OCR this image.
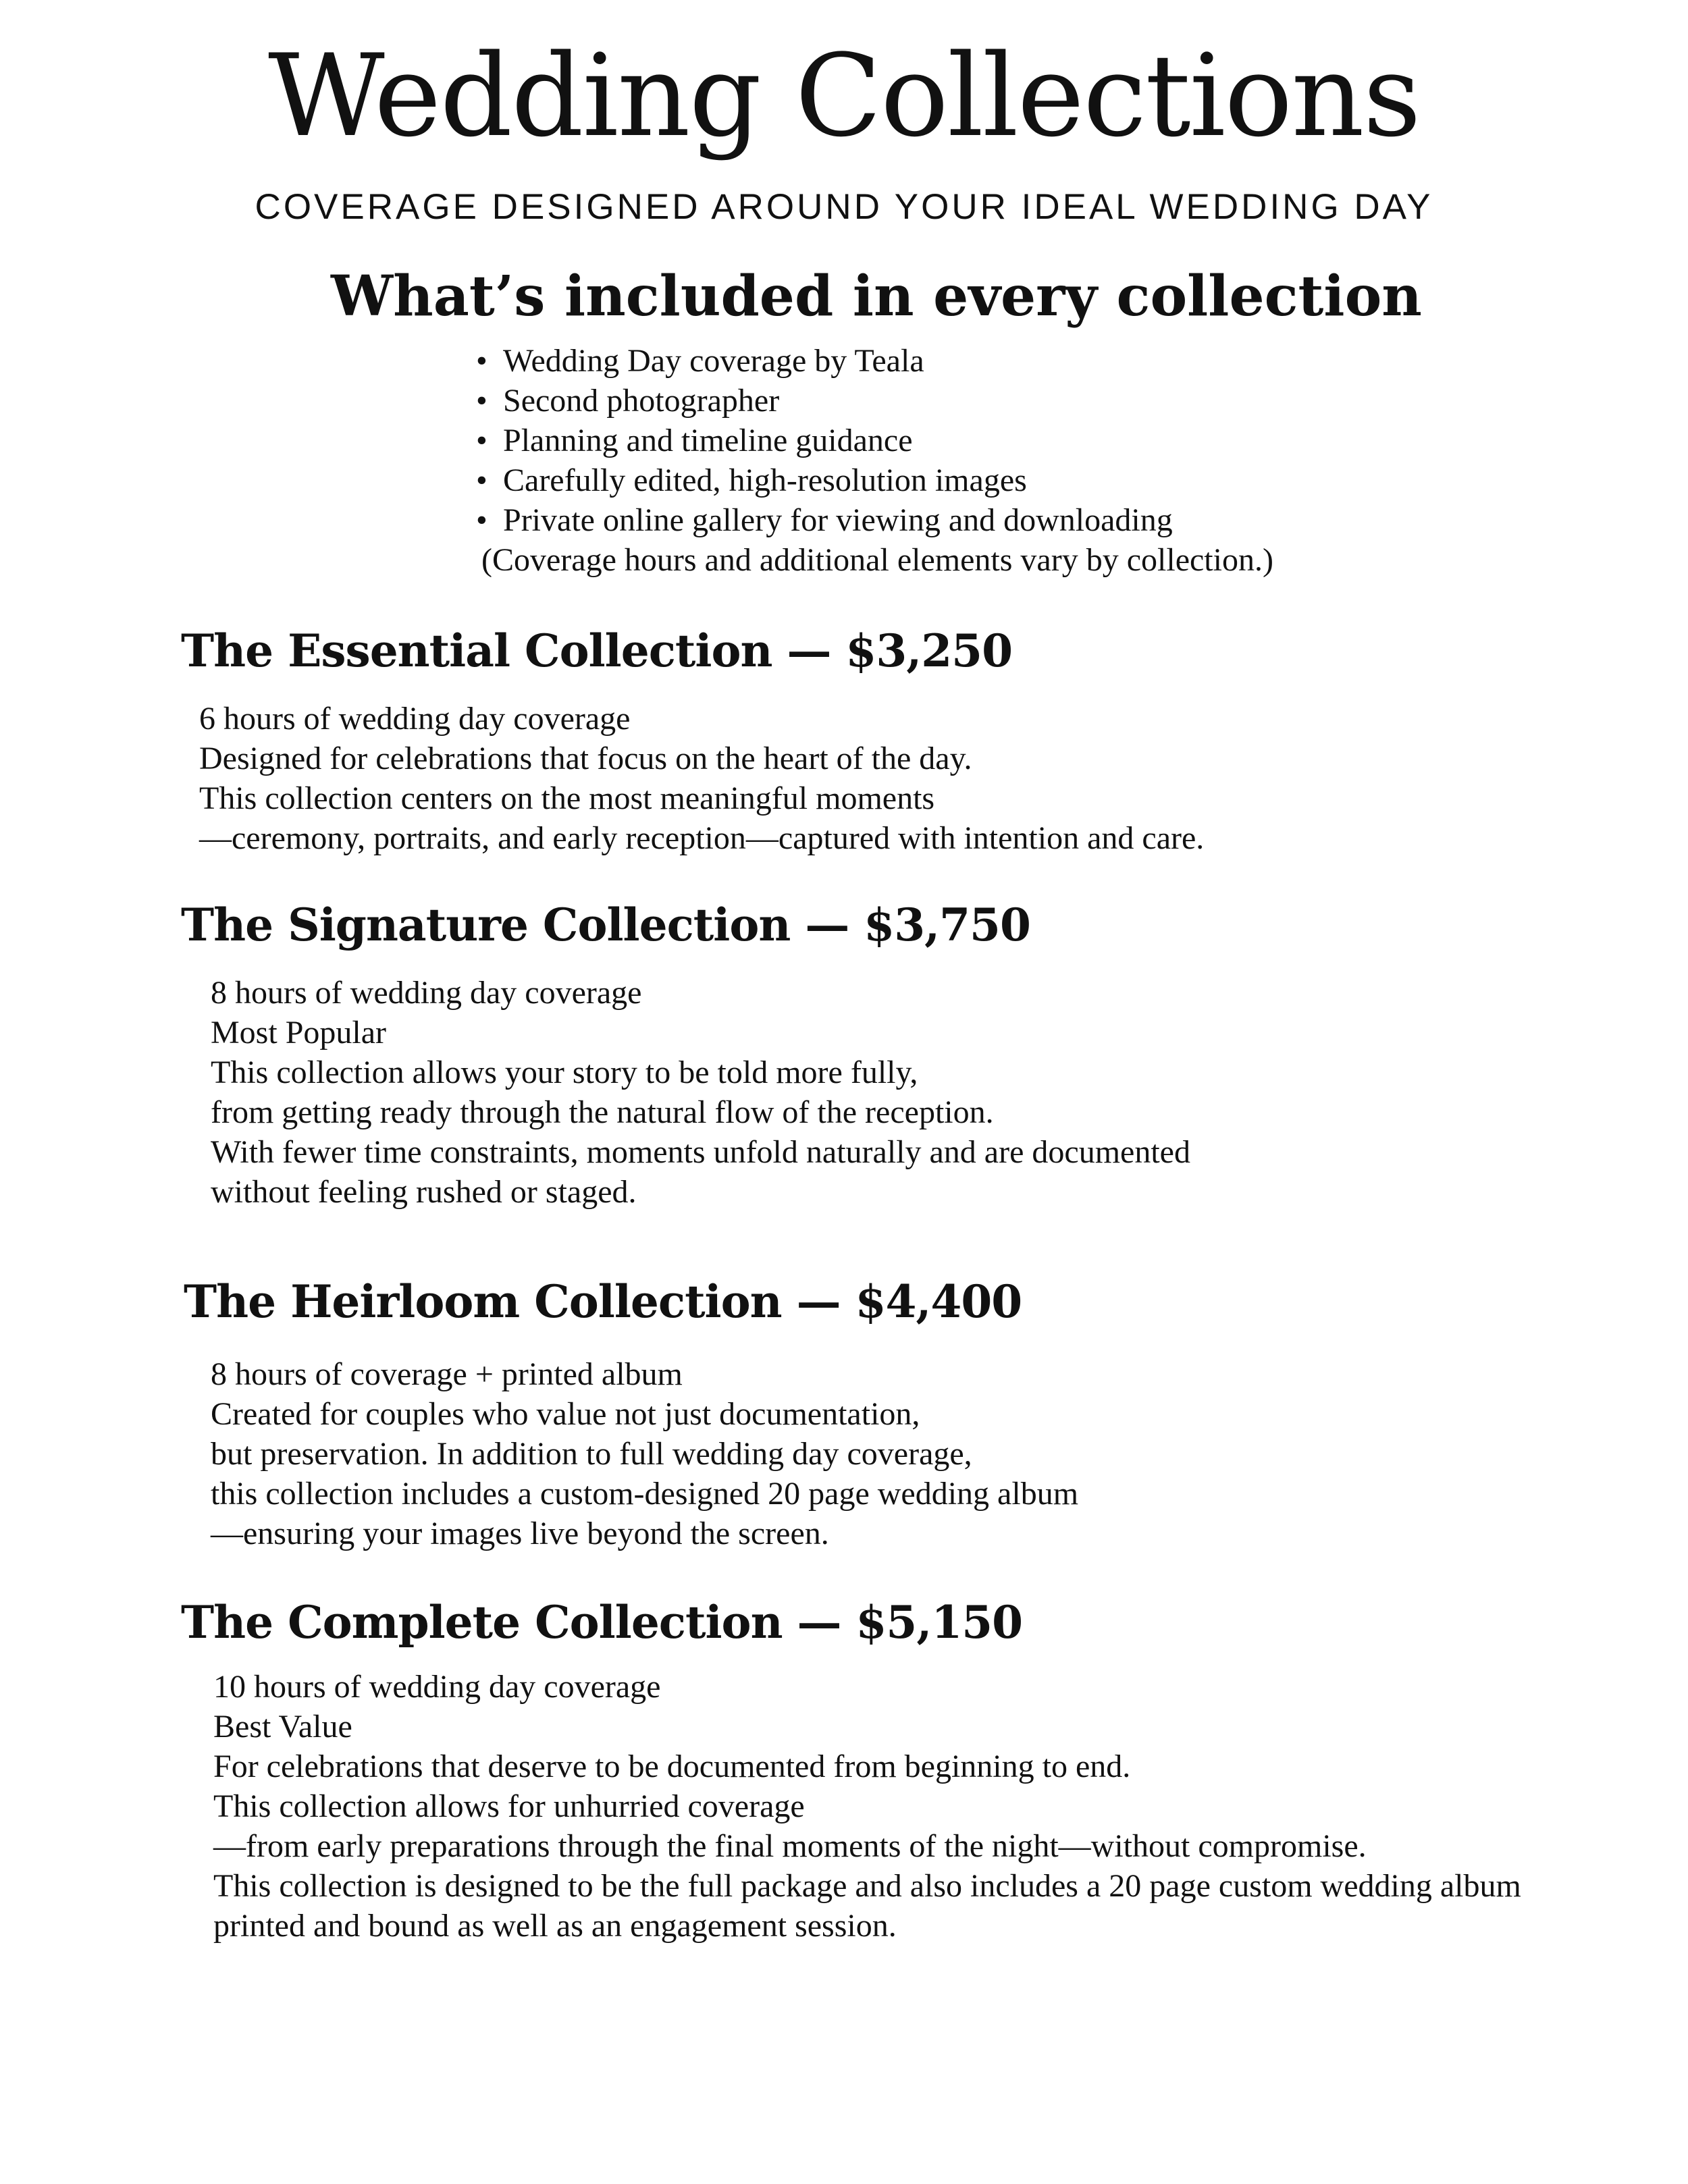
Wedding Collections

COVERAGE DESIGNED AROUND YOUR IDEAL WEDDING DAY

What’s included in every collection
• Wedding Day coverage by Teala
• Second photographer
• Planning and timeline guidance
• Carefully edited, high-resolution images
• Private online gallery for viewing and downloading

(Coverage hours and additional elements vary by collection.)

The Essential Collection — $3,250
6 hours of wedding day coverage
Designed for celebrations that focus on the heart of the day.
This collection centers on the most meaningful moments
—ceremony, portraits, and early reception—captured with intention and care.
The Signature Collection — $3,750
8 hours of wedding day coverage
Most Popular
This collection allows your story to be told more fully,
from getting ready through the natural flow of the reception.
With fewer time constraints, moments unfold naturally and are documented
without feeling rushed or staged.
The Heirloom Collection — $4,400
8 hours of coverage + printed album
Created for couples who value not just documentation,
but preservation. In addition to full wedding day coverage,
this collection includes a custom-designed 20 page wedding album
—ensuring your images live beyond the screen.
The Complete Collection — $5,150
10 hours of wedding day coverage
Best Value
For celebrations that deserve to be documented from beginning to end.
This collection allows for unhurried coverage
—from early preparations through the final moments of the night—without compromise.
This collection is designed to be the full package and also includes a 20 page custom wedding album
printed and bound as well as an engagement session.
